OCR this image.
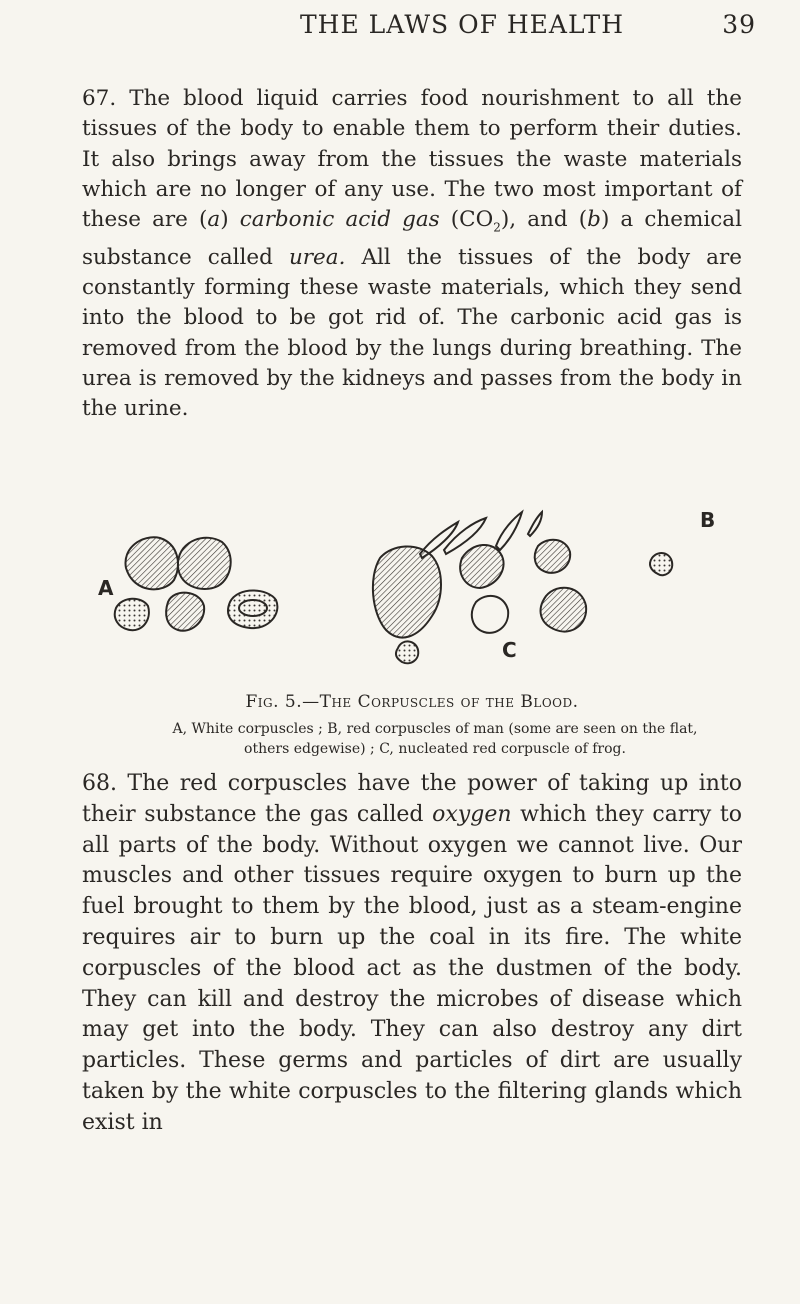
THE LAWS OF HEALTH	39

67. The blood liquid carries food nourishment to all the tissues of the body to enable them to perform their duties. It also brings away from the tissues the waste materials which are no longer of any use. The two most important of these are (a) carbonic acid gas $(CO_2)$, and (b) a chemical substance called urea. All the tissues of the body are constantly forming these waste materials, which they send into the blood to be got rid of. The carbonic acid gas is removed from the blood by the lungs during breathing. The urea is removed by the kidneys and passes from the body in the urine.

A
B
C
Fig. 5.—The Corpuscles of the Blood.
A, White corpuscles ; B, red corpuscles of man (some are seen on the flat, others edgewise) ; C, nucleated red corpuscle of frog.

68. The red corpuscles have the power of taking up into their substance the gas called oxygen which they carry to all parts of the body. Without oxygen we cannot live. Our muscles and other tissues require oxygen to burn up the fuel brought to them by the blood, just as a steam-engine requires air to burn up the coal in its fire. The white corpuscles of the blood act as the dustmen of the body. They can kill and destroy the microbes of disease which may get into the body. They can also destroy any dirt particles. These germs and particles of dirt are usually taken by the white corpuscles to the filtering glands which exist in
